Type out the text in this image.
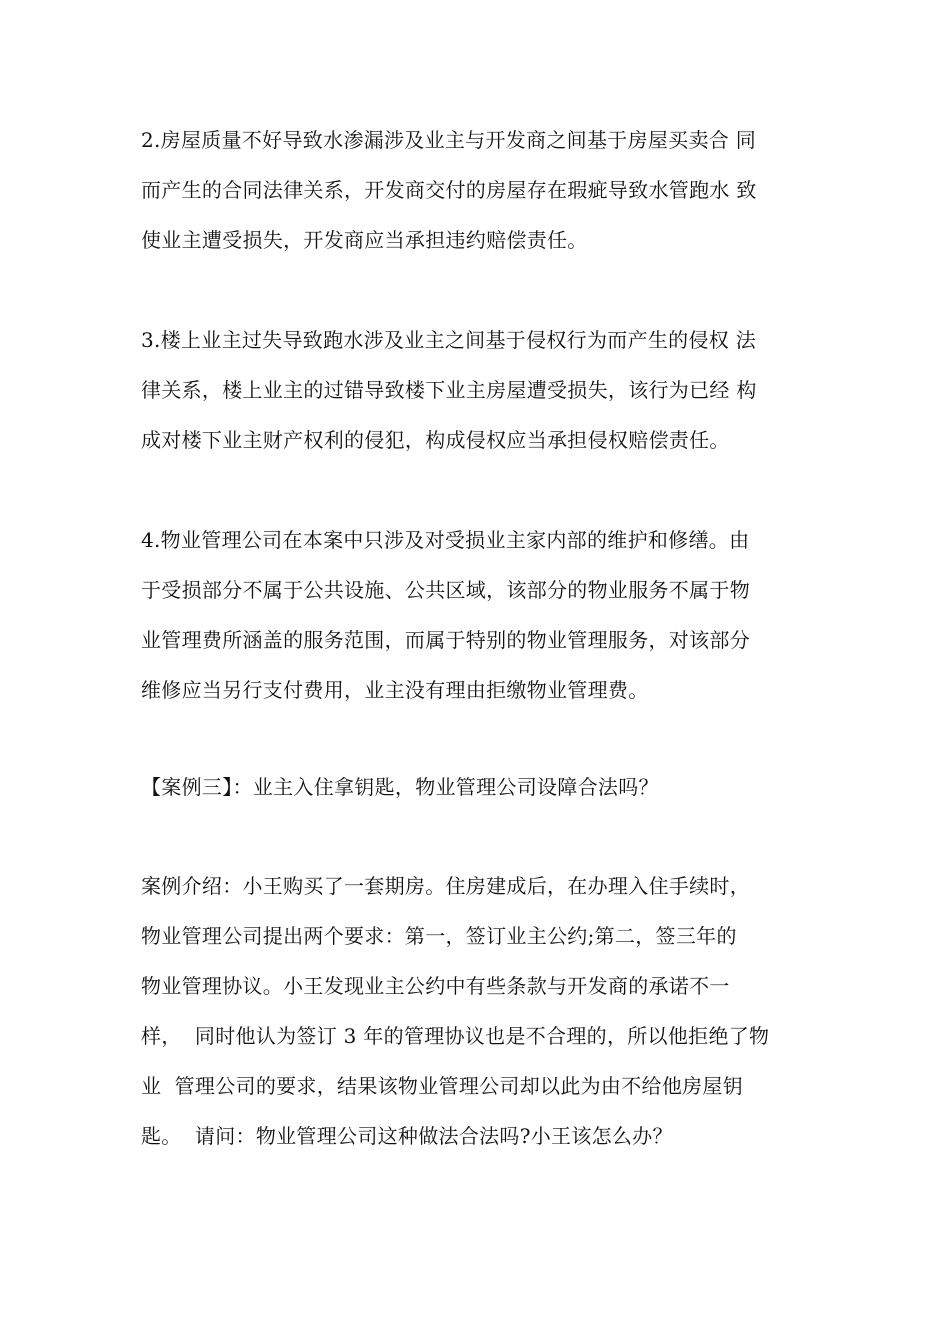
2.房屋质量不好导致水渗漏涉及业主与开发商之间基于房屋买卖合 同
而产生的合同法律关系，开发商交付的房屋存在瑕疵导致水管跑水 致
使业主遭受损失，开发商应当承担违约赔偿责任。
3.楼上业主过失导致跑水涉及业主之间基于侵权行为而产生的侵权 法
律关系，楼上业主的过错导致楼下业主房屋遭受损失，该行为已经 构
成对楼下业主财产权利的侵犯，构成侵权应当承担侵权赔偿责任。
4.物业管理公司在本案中只涉及对受损业主家内部的维护和修缮。由
于受损部分不属于公共设施、公共区域，该部分的物业服务不属于物
业管理费所涵盖的服务范围，而属于特别的物业管理服务，对该部分
维修应当另行支付费用，业主没有理由拒缴物业管理费。
【案例三】：业主入住拿钥匙，物业管理公司设障合法吗？
案例介绍：小王购买了一套期房。住房建成后，在办理入住手续时，
物业管理公司提出两个要求：第一，签订业主公约;第二，签三年的
物业管理协议。小王发现业主公约中有些条款与开发商的承诺不一
样，  同时他认为签订 3 年的管理协议也是不合理的，所以他拒绝了物
业  管理公司的要求，结果该物业管理公司却以此为由不给他房屋钥
匙。  请问：物业管理公司这种做法合法吗?小王该怎么办？
